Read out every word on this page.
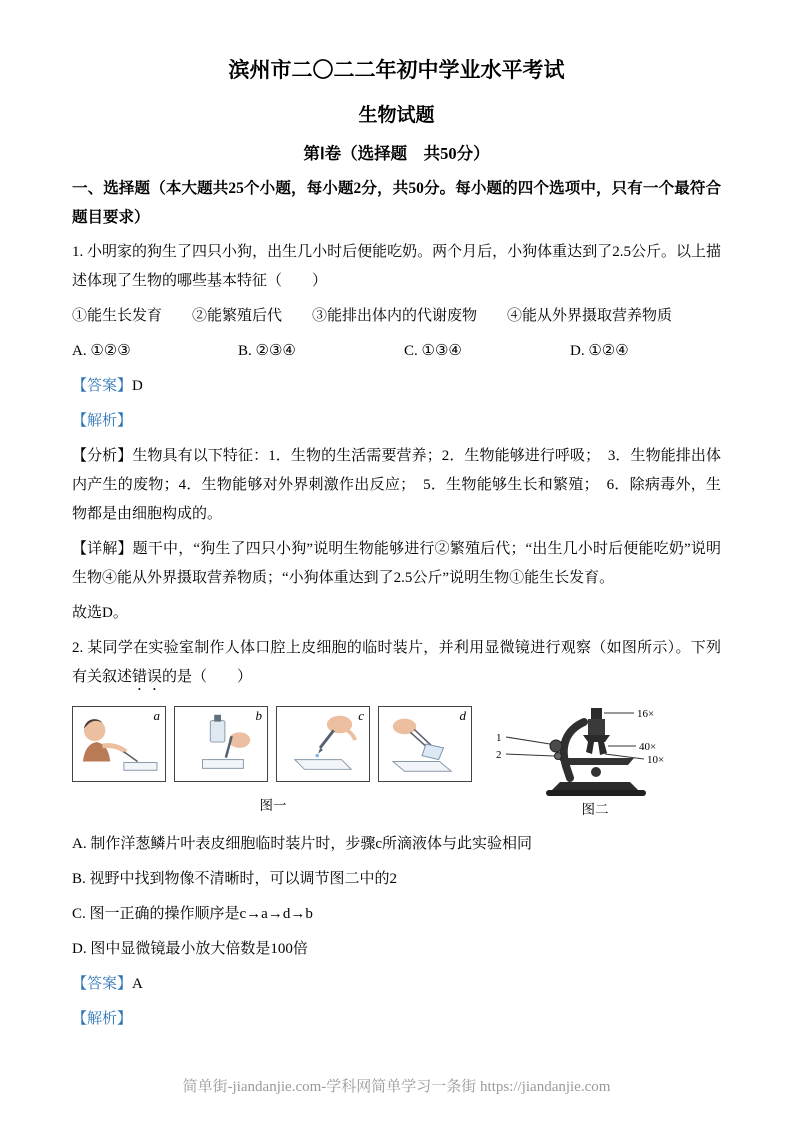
滨州市二〇二二年初中学业水平考试
生物试题
第Ⅰ卷（选择题　共50分）

一、选择题（本大题共25个小题，每小题2分，共50分。每小题的四个选项中，只有一个最符合题目要求）

1. 小明家的狗生了四只小狗，出生几小时后便能吃奶。两个月后，小狗体重达到了2.5公斤。以上描述体现了生物的哪些基本特征（　　）

①能生长发育　　②能繁殖后代　　③能排出体内的代谢废物　　④能从外界摄取营养物质

A. ①②③	B. ②③④	C. ①③④	D. ①②④

【答案】D

【解析】

【分析】生物具有以下特征：1．生物的生活需要营养；2．生物能够进行呼吸；　3．生物能排出体内产生的废物；4．生物能够对外界刺激作出反应；　5．生物能够生长和繁殖；　6．除病毒外，生物都是由细胞构成的。

【详解】题干中，“狗生了四只小狗”说明生物能够进行②繁殖后代；“出生几小时后便能吃奶”说明生物④能从外界摄取营养物质；“小狗体重达到了2.5公斤”说明生物①能生长发育。

故选D。

2. 某同学在实验室制作人体口腔上皮细胞的临时装片，并利用显微镜进行观察（如图所示）。下列有关叙述错误的是（　　）

a	b	c	d
图一
16×
1
2
40×
10×
图二

A. 制作洋葱鳞片叶表皮细胞临时装片时，步骤c所滴液体与此实验相同

B. 视野中找到物像不清晰时，可以调节图二中的2

C. 图一正确的操作顺序是c→a→d→b

D. 图中显微镜最小放大倍数是100倍

【答案】A

【解析】

简单街-jiandanjie.com-学科网简单学习一条街 https://jiandanjie.com
